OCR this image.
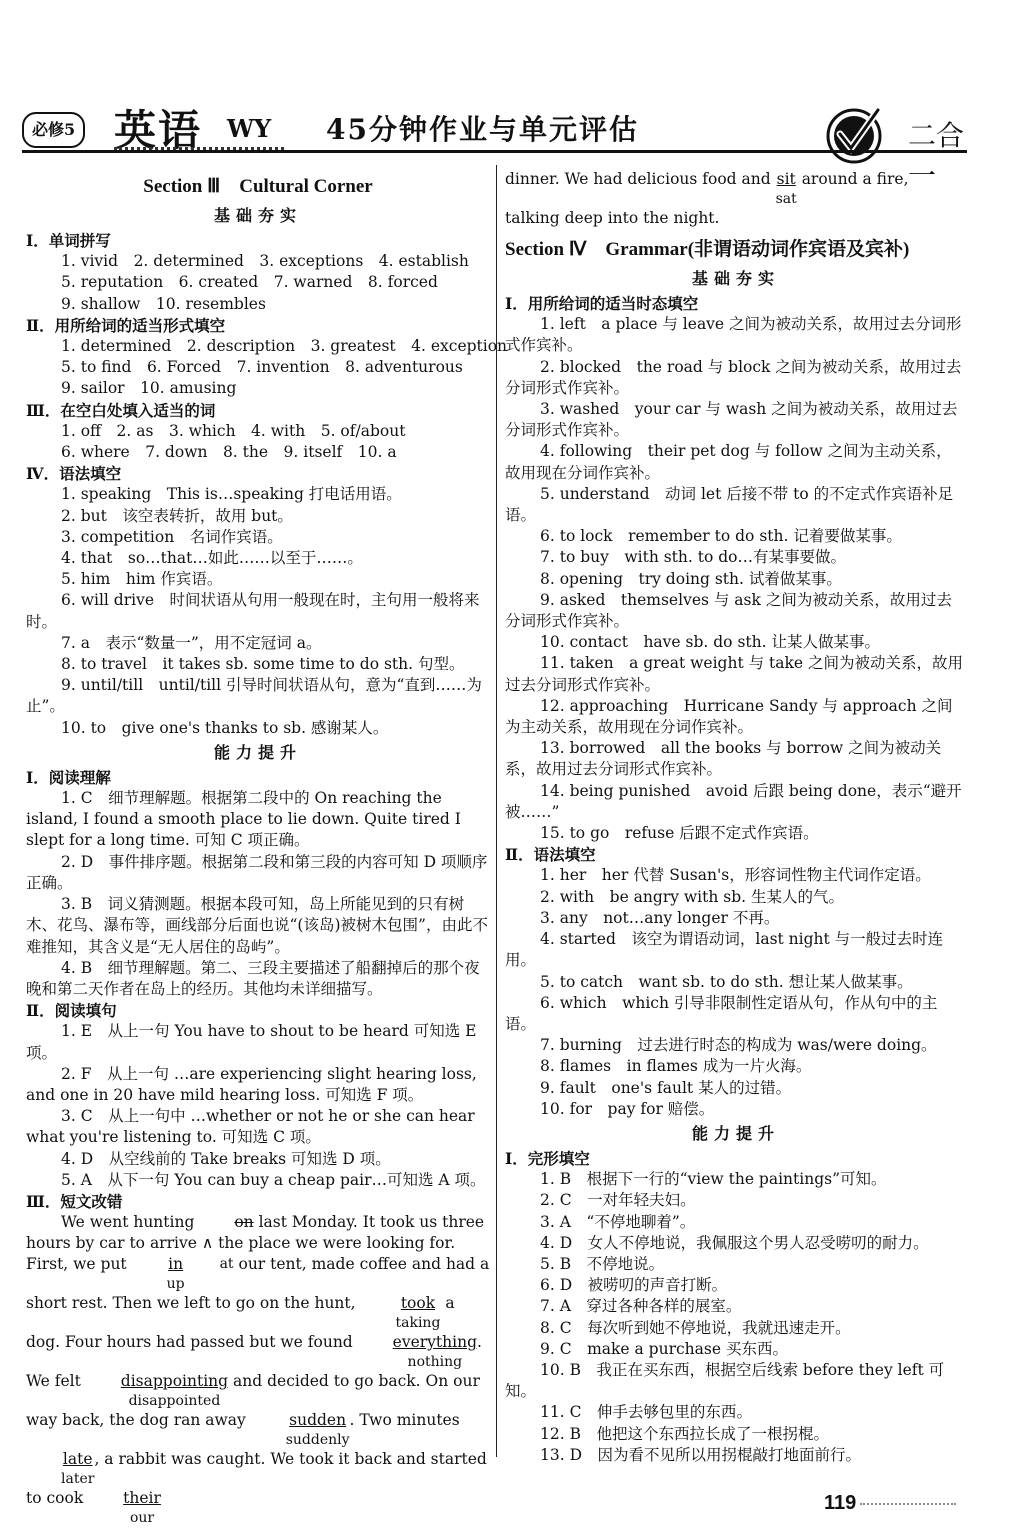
必修5 英语 WY 45分钟作业与单元评估	二合一
Section Ⅲ　Cultural Corner
基础夯实
Ⅰ．单词拼写
1. vivid　2. determined　3. exceptions　4. establish
5. reputation　6. created　7. warned　8. forced
9. shallow　10. resembles
Ⅱ．用所给词的适当形式填空
1. determined　2. description　3. greatest　4. exception
5. to find　6. Forced　7. invention　8. adventurous
9. sailor　10. amusing
Ⅲ．在空白处填入适当的词
1. off　2. as　3. which　4. with　5. of/about
6. where　7. down　8. the　9. itself　10. a
Ⅳ．语法填空
1. speaking　This is…speaking 打电话用语。
2. but　该空表转折，故用 but。
3. competition　名词作宾语。
4. that　so…that…如此……以至于……。
5. him　him 作宾语。
6. will drive　时间状语从句用一般现在时，主句用一般将来时。
7. a　表示“数量一”，用不定冠词 a。
8. to travel　it takes sb. some time to do sth. 句型。
9. until/till　until/till 引导时间状语从句，意为“直到……为止”。
10. to　give one's thanks to sb. 感谢某人。
能力提升
Ⅰ．阅读理解
1. C　细节理解题。根据第二段中的 On reaching the island, I found a smooth place to lie down. Quite tired I slept for a long time. 可知 C 项正确。
2. D　事件排序题。根据第二段和第三段的内容可知 D 项顺序正确。
3. B　词义猜测题。根据本段可知，岛上所能见到的只有树木、花鸟、瀑布等，画线部分后面也说“(该岛)被树木包围”，由此不难推知，其含义是“无人居住的岛屿”。
4. B　细节理解题。第二、三段主要描述了船翻掉后的那个夜晚和第二天作者在岛上的经历。其他均未详细描写。
Ⅱ．阅读填句
1. E　从上一句 You have to shout to be heard 可知选 E 项。
2. F　从上一句 …are experiencing slight hearing loss, and one in 20 have mild hearing loss. 可知选 F 项。
3. C　从上一句中 …whether or not he or she can hear what you're listening to. 可知选 C 项。
4. D　从空线前的 Take breaks 可知选 D 项。
5. A　从下一句 You can buy a cheap pair…可知选 A 项。
Ⅲ．短文改错
We went hunting on last Monday. It took us three hours by car to arrive ∧ the place we were looking for. First, we put $\frac{in}{up}$	at our tent, made coffee and had a short rest. Then we left to go on the hunt,	took
taking
a dog. Four hours had passed but we found everything
nothing
. We felt disappointing
disappointed
and decided to go back. On our way back, the dog ran away sudden
suddenly
. Two minutes late
later
, a rabbit was caught. We took it back and started to cook their
our
dinner. We had delicious food and sit
sat
around a fire, talking deep into the night.
Section Ⅳ　Grammar(非谓语动词作宾语及宾补)
基础夯实
Ⅰ．用所给词的适当时态填空
1. left　a place 与 leave 之间为被动关系，故用过去分词形式作宾补。
2. blocked　the road 与 block 之间为被动关系，故用过去分词形式作宾补。
3. washed　your car 与 wash 之间为被动关系，故用过去分词形式作宾补。
4. following　their pet dog 与 follow 之间为主动关系，故用现在分词作宾补。
5. understand　动词 let 后接不带 to 的不定式作宾语补足语。
6. to lock　remember to do sth. 记着要做某事。
7. to buy　with sth. to do…有某事要做。
8. opening　try doing sth. 试着做某事。
9. asked　themselves 与 ask 之间为被动关系，故用过去分词形式作宾补。
10. contact　have sb. do sth. 让某人做某事。
11. taken　a great weight 与 take 之间为被动关系，故用过去分词形式作宾补。
12. approaching　Hurricane Sandy 与 approach 之间为主动关系，故用现在分词作宾补。
13. borrowed　all the books 与 borrow 之间为被动关系，故用过去分词形式作宾补。
14. being punished　avoid 后跟 being done，表示“避开被……”
15. to go　refuse 后跟不定式作宾语。
Ⅱ．语法填空
1. her　her 代替 Susan's，形容词性物主代词作定语。
2. with　be angry with sb. 生某人的气。
3. any　not…any longer 不再。
4. started　该空为谓语动词，last night 与一般过去时连用。
5. to catch　want sb. to do sth. 想让某人做某事。
6. which　which 引导非限制性定语从句，作从句中的主语。
7. burning　过去进行时态的构成为 was/were doing。
8. flames　in flames 成为一片火海。
9. fault　one's fault 某人的过错。
10. for　pay for 赔偿。
能力提升
Ⅰ．完形填空
1. B　根据下一行的“view the paintings”可知。
2. C　一对年轻夫妇。
3. A　“不停地聊着”。
4. D　女人不停地说，我佩服这个男人忍受唠叨的耐力。
5. B　不停地说。
6. D　被唠叨的声音打断。
7. A　穿过各种各样的展室。
8. C　每次听到她不停地说，我就迅速走开。
9. C　make a purchase 买东西。
10. B　我正在买东西，根据空后线索 before they left 可知。
11. C　伸手去够包里的东西。
12. B　他把这个东西拉长成了一根拐棍。
13. D　因为看不见所以用拐棍敲打地面前行。
119
